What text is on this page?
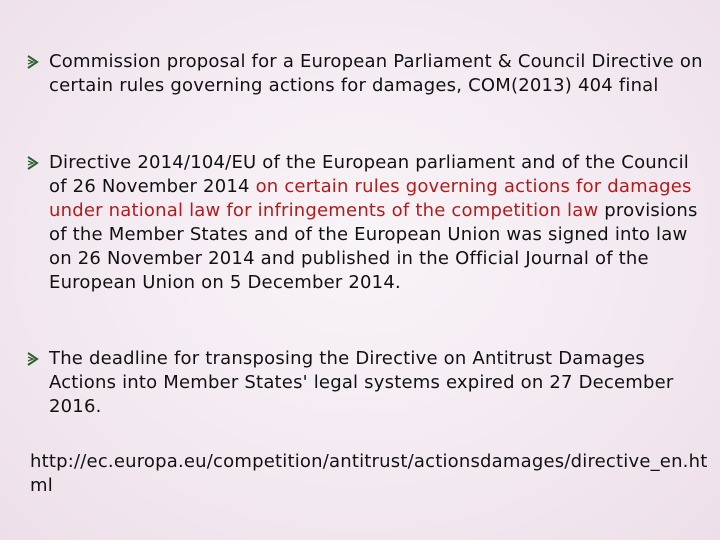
Commission proposal for a European Parliament & Council Directive on certain rules governing actions for damages, COM(2013) 404 final
Directive 2014/104/EU of the European parliament and of the Council of 26 November 2014 on certain rules governing actions for damages under national law for infringements of the competition law provisions of the Member States and of the European Union was signed into law on 26 November 2014 and published in the Official Journal of the European Union on 5 December 2014.
The deadline for transposing the Directive on Antitrust Damages Actions into Member States' legal systems expired on 27 December 2016.
http://ec.europa.eu/competition/antitrust/actionsdamages/directive_en.html
